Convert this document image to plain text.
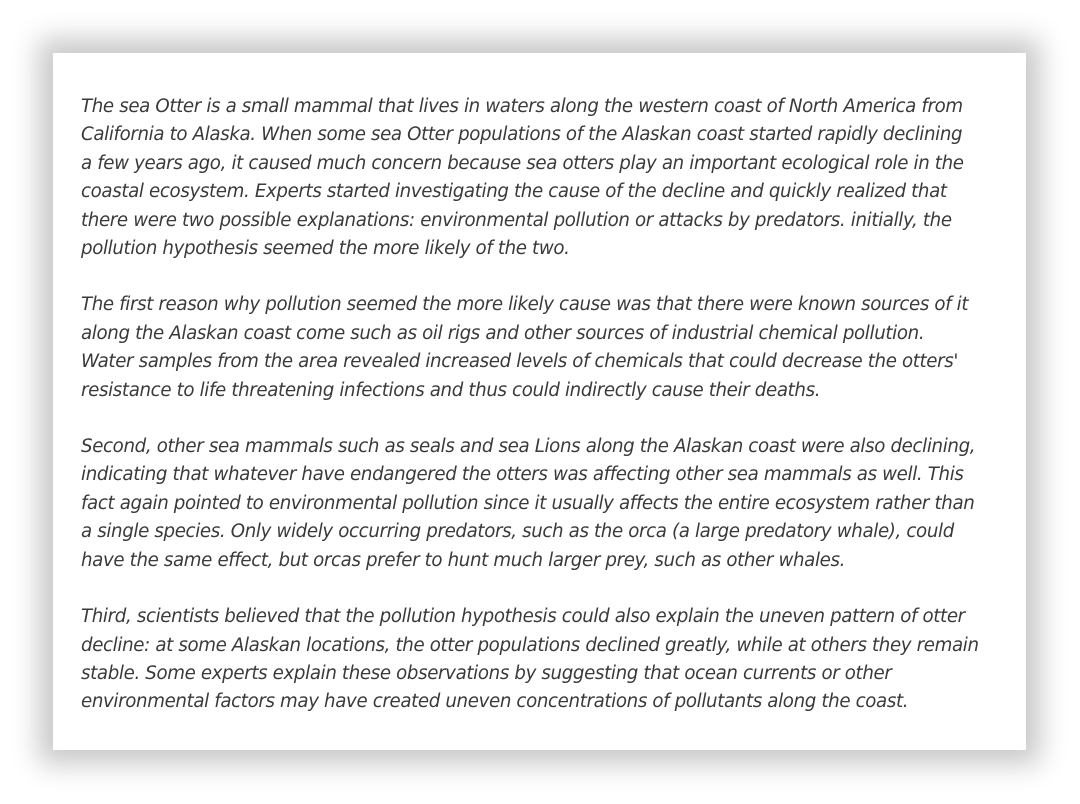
The sea Otter is a small mammal that lives in waters along the western coast of North America from
California to Alaska. When some sea Otter populations of the Alaskan coast started rapidly declining
a few years ago, it caused much concern because sea otters play an important ecological role in the
coastal ecosystem. Experts started investigating the cause of the decline and quickly realized that
there were two possible explanations: environmental pollution or attacks by predators. initially, the
pollution hypothesis seemed the more likely of the two.

The first reason why pollution seemed the more likely cause was that there were known sources of it
along the Alaskan coast come such as oil rigs and other sources of industrial chemical pollution.
Water samples from the area revealed increased levels of chemicals that could decrease the otters'
resistance to life threatening infections and thus could indirectly cause their deaths.

Second, other sea mammals such as seals and sea Lions along the Alaskan coast were also declining,
indicating that whatever have endangered the otters was affecting other sea mammals as well. This
fact again pointed to environmental pollution since it usually affects the entire ecosystem rather than
a single species. Only widely occurring predators, such as the orca (a large predatory whale), could
have the same effect, but orcas prefer to hunt much larger prey, such as other whales.

Third, scientists believed that the pollution hypothesis could also explain the uneven pattern of otter
decline: at some Alaskan locations, the otter populations declined greatly, while at others they remain
stable. Some experts explain these observations by suggesting that ocean currents or other
environmental factors may have created uneven concentrations of pollutants along the coast.
